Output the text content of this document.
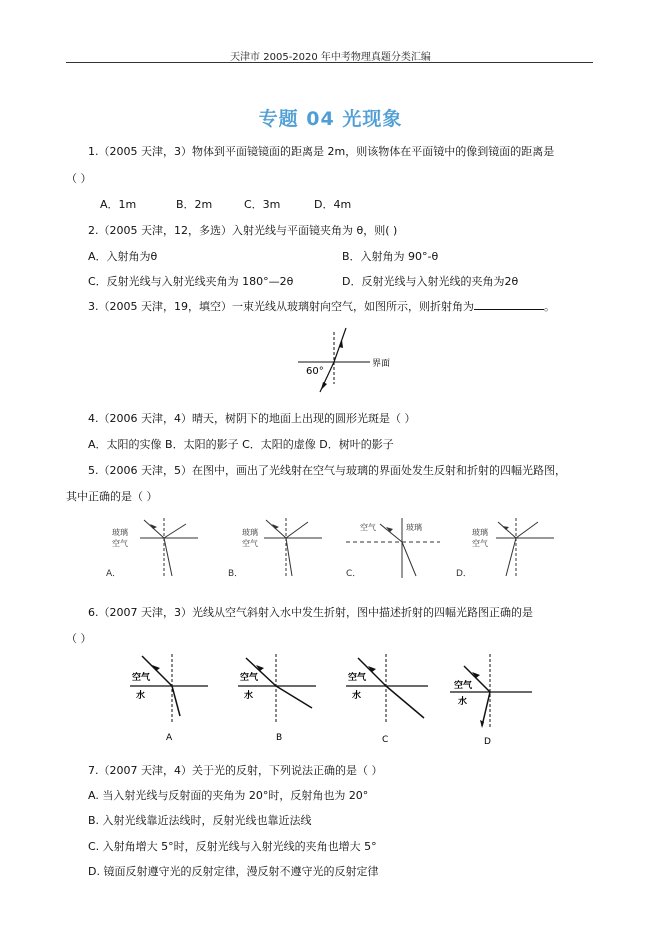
天津市 2005-2020 年中考物理真题分类汇编
专题 04 光现象
1.（2005 天津，3）物体到平面镜镜面的距离是 2m，则该物体在平面镜中的像到镜面的距离是
（ ）
A．1m	B．2m	C．3m	D．4m
2.（2005 天津，12，多选）入射光线与平面镜夹角为 θ，则( )
A．入射角为θ	B．入射角为 90°-θ
C．反射光线与入射光线夹角为 180°—2θ	D．反射光线与入射光线的夹角为2θ
3.（2005 天津，19，填空）一束光线从玻璃射向空气，如图所示，则折射角为	。
60°
界面
4.（2006 天津，4）晴天，树阴下的地面上出现的圆形光斑是（ ）
A．太阳的实像 B．太阳的影子 C．太阳的虚像 D．树叶的影子
5.（2006 天津，5）在图中，画出了光线射在空气与玻璃的界面处发生反射和折射的四幅光路图，
其中正确的是（ ）
玻璃
空气
A．
玻璃
空气
B．
空气	玻璃
C．
玻璃
空气
D．
6.（2007 天津，3）光线从空气斜射入水中发生折射，图中描述折射的四幅光路图正确的是
（ ）
空气
水
A
空气
水
B
空气
水
C
空气
水
D
7.（2007 天津，4）关于光的反射，下列说法正确的是（ ）
A. 当入射光线与反射面的夹角为 20°时，反射角也为 20°
B. 入射光线靠近法线时，反射光线也靠近法线
C. 入射角增大 5°时，反射光线与入射光线的夹角也增大 5°
D. 镜面反射遵守光的反射定律，漫反射不遵守光的反射定律
